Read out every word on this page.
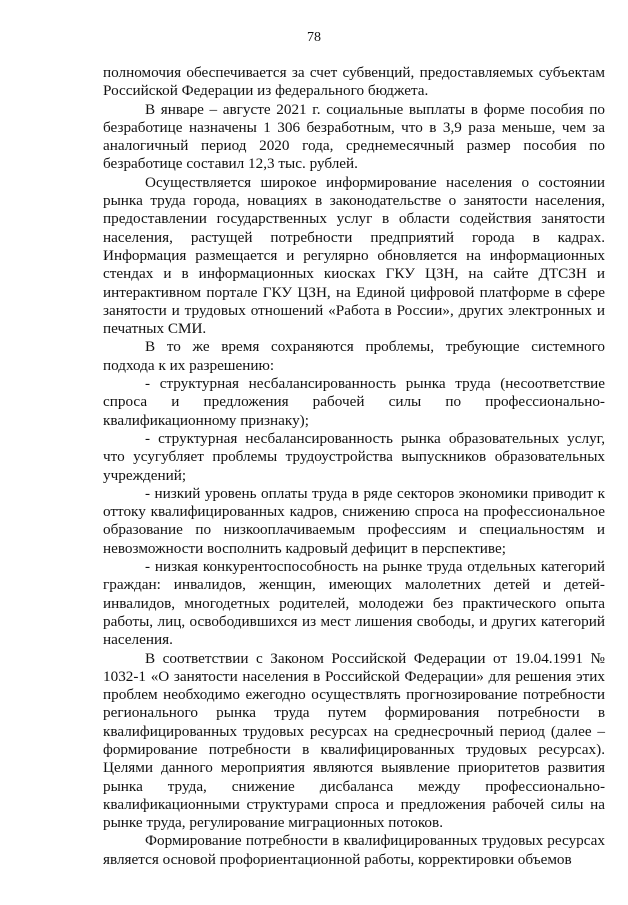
78

полномочия обеспечивается за счет субвенций, предоставляемых субъектам Российской Федерации из федерального бюджета.

В январе – августе 2021 г. социальные выплаты в форме пособия по безработице назначены 1 306 безработным, что в 3,9 раза меньше, чем за аналогичный период 2020 года, среднемесячный размер пособия по безработице составил 12,3 тыс. рублей.

Осуществляется широкое информирование населения о состоянии рынка труда города, новациях в законодательстве о занятости населения, предоставлении государственных услуг в области содействия занятости населения, растущей потребности предприятий города в кадрах. Информация размещается и регулярно обновляется на информационных стендах и в информационных киосках ГКУ ЦЗН, на сайте ДТСЗН и интерактивном портале ГКУ ЦЗН, на Единой цифровой платформе в сфере занятости и трудовых отношений «Работа в России», других электронных и печатных СМИ.

В то же время сохраняются проблемы, требующие системного подхода к их разрешению:

- структурная несбалансированность рынка труда (несоответствие спроса и предложения рабочей силы по профессионально-квалификационному признаку);

- структурная несбалансированность рынка образовательных услуг, что усугубляет проблемы трудоустройства выпускников образовательных учреждений;

- низкий уровень оплаты труда в ряде секторов экономики приводит к оттоку квалифицированных кадров, снижению спроса на профессиональное образование по низкооплачиваемым профессиям и специальностям и невозможности восполнить кадровый дефицит в перспективе;

- низкая конкурентоспособность на рынке труда отдельных категорий граждан: инвалидов, женщин, имеющих малолетних детей и детей-инвалидов, многодетных родителей, молодежи без практического опыта работы, лиц, освободившихся из мест лишения свободы, и других категорий населения.

В соответствии с Законом Российской Федерации от 19.04.1991 № 1032-1 «О занятости населения в Российской Федерации» для решения этих проблем необходимо ежегодно осуществлять прогнозирование потребности регионального рынка труда путем формирования потребности в квалифицированных трудовых ресурсах на среднесрочный период (далее – формирование потребности в квалифицированных трудовых ресурсах). Целями данного мероприятия являются выявление приоритетов развития рынка труда, снижение дисбаланса между профессионально-квалификационными структурами спроса и предложения рабочей силы на рынке труда, регулирование миграционных потоков.

Формирование потребности в квалифицированных трудовых ресурсах является основой профориентационной работы, корректировки объемов
